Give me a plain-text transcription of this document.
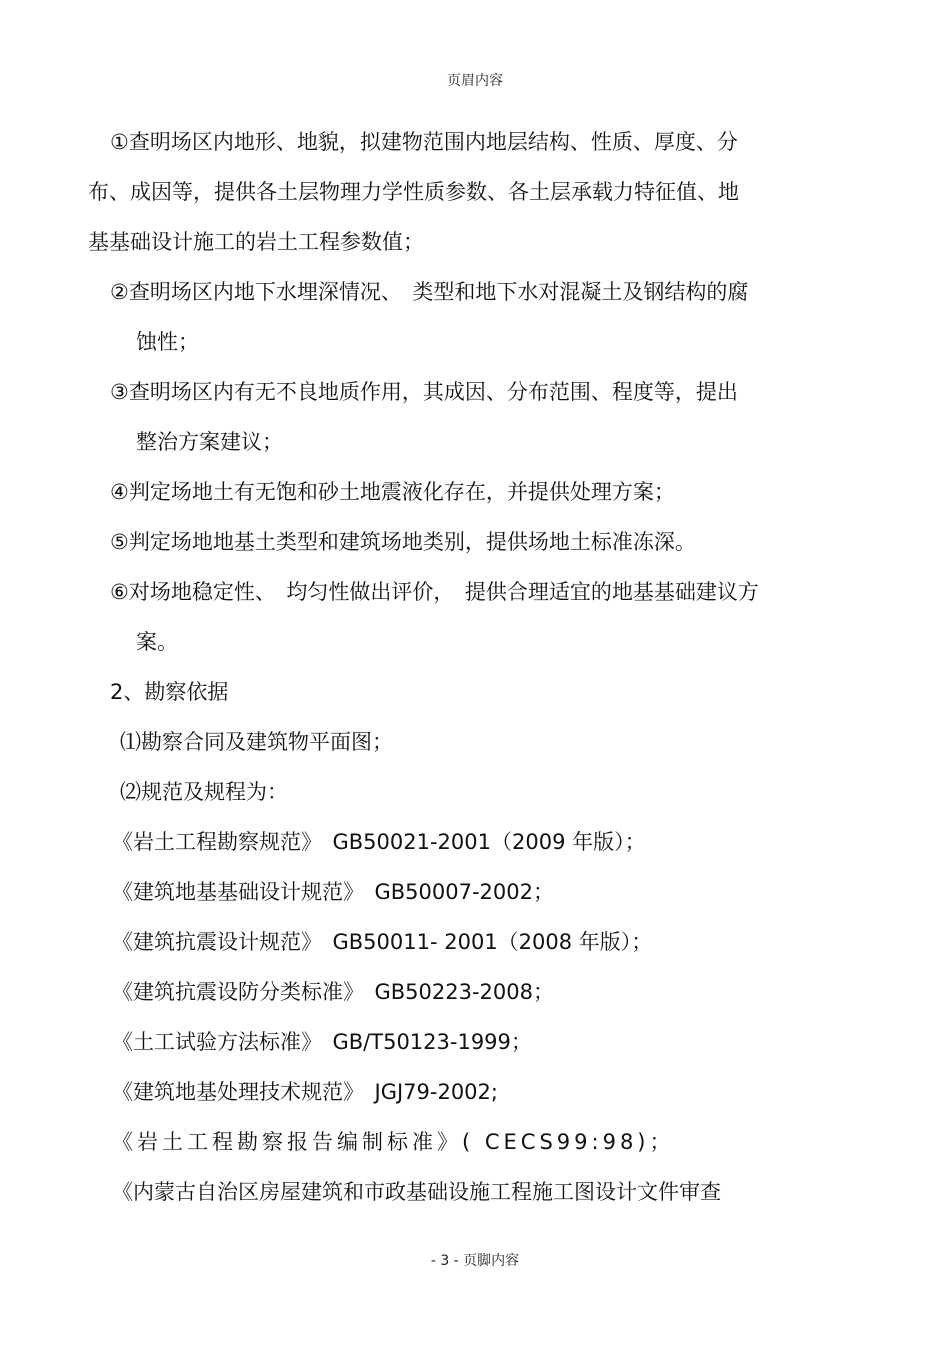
页眉内容
①查明场区内地形、地貌，拟建物范围内地层结构、性质、厚度、分
布、成因等，提供各土层物理力学性质参数、各土层承载力特征值、地
基基础设计施工的岩土工程参数值；
②查明场区内地下水埋深情况、　类型和地下水对混凝土及钢结构的腐
蚀性；
③查明场区内有无不良地质作用，其成因、分布范围、程度等，提出
整治方案建议；
④判定场地土有无饱和砂土地震液化存在，并提供处理方案；
⑤判定场地地基土类型和建筑场地类别，提供场地土标准冻深。
⑥对场地稳定性、　均匀性做出评价，　提供合理适宜的地基基础建议方
案。
2、勘察依据
⑴勘察合同及建筑物平面图；
⑵规范及规程为：
《岩土工程勘察规范》　GB50021-2001（2009 年版）；
《建筑地基基础设计规范》　GB50007-2002；
《建筑抗震设计规范》　GB50011- 2001（2008 年版）；
《建筑抗震设防分类标准》　GB50223-2008；
《土工试验方法标准》　GB/T50123-1999；
《建筑地基处理技术规范》　JGJ79-2002;
《岩土工程勘察报告编制标准》( CECS99:98)；
《内蒙古自治区房屋建筑和市政基础设施工程施工图设计文件审查
- 3 - 页脚内容
